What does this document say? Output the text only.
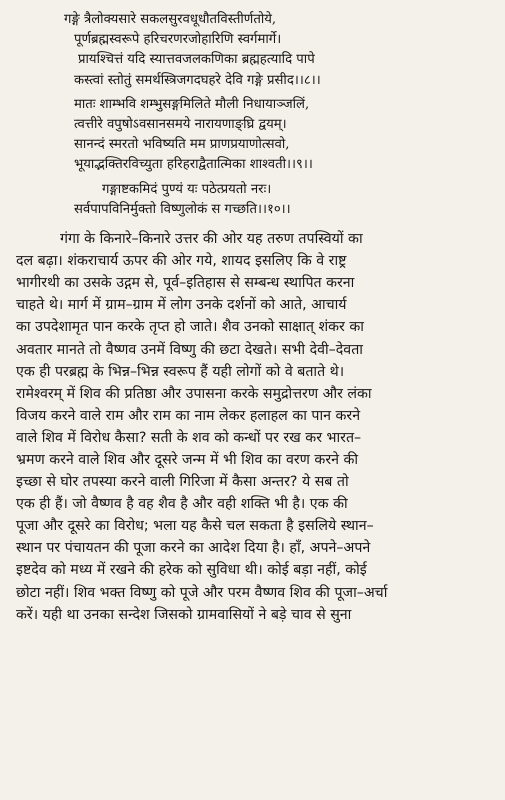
गङ्गे त्रैलोक्यसारे सकलसुरवधूधौतविस्तीर्णतोये,
पूर्णब्रह्मस्वरूपे हरिचरणरजोहारिणि स्वर्गमार्गे।
प्रायश्चित्तं यदि स्यात्तवजलकणिका ब्रह्महत्यादि पापे
कस्त्वां स्तोतुं समर्थस्त्रिजगदघहरे देवि गङ्गे प्रसीद।।८।।
मातः शाम्भवि शम्भुसङ्गमिलिते मौली निधायाञ्जलिं,
त्वत्तीरे वपुषोऽवसानसमये नारायणाङ्घ्रि द्वयम्।
सानन्दं स्मरतो भविष्यति मम प्राणप्रयाणोत्सवो,
भूयाद्भक्तिरविच्युता हरिहराद्वैतात्मिका शाश्वती।।९।।
गङ्गाष्टकमिदं पुण्यं यः पठेत्प्रयतो नरः।
सर्वपापविनिर्मुक्तो विष्णुलोकं स गच्छति।।१०।।
गंगा के किनारे–किनारे उत्तर की ओर यह तरुण तपस्वियों का
दल बढ़ा। शंकराचार्य ऊपर की ओर गये, शायद इसलिए कि वे राष्ट्र
भागीरथी का उसके उद्गम से, पूर्व–इतिहास से सम्बन्ध स्थापित करना
चाहते थे। मार्ग में ग्राम–ग्राम में लोग उनके दर्शनों को आते, आचार्य
का उपदेशामृत पान करके तृप्त हो जाते। शैव उनको साक्षात् शंकर का
अवतार मानते तो वैष्णव उनमें विष्णु की छटा देखते। सभी देवी–देवता
एक ही परब्रह्म के भिन्न–भिन्न स्वरूप हैं यही लोगों को वे बताते थे।
रामेश्वरम् में शिव की प्रतिष्ठा और उपासना करके समुद्रोत्तरण और लंका
विजय करने वाले राम और राम का नाम लेकर हलाहल का पान करने
वाले शिव में विरोध कैसा? सती के शव को कन्धों पर रख कर भारत–
भ्रमण करने वाले शिव और दूसरे जन्म में भी शिव का वरण करने की
इच्छा से घोर तपस्या करने वाली गिरिजा में कैसा अन्तर? ये सब तो
एक ही हैं। जो वैष्णव है वह शैव है और वही शक्ति भी है। एक की
पूजा और दूसरे का विरोध; भला यह कैसे चल सकता है इसलिये स्थान–
स्थान पर पंचायतन की पूजा करने का आदेश दिया है। हाँ, अपने–अपने
इष्टदेव को मध्य में रखने की हरेक को सुविधा थी। कोई बड़ा नहीं, कोई
छोटा नहीं। शिव भक्त विष्णु को पूजे और परम वैष्णव शिव की पूजा–अर्चा
करें। यही था उनका सन्देश जिसको ग्रामवासियों ने बड़े चाव से सुना
